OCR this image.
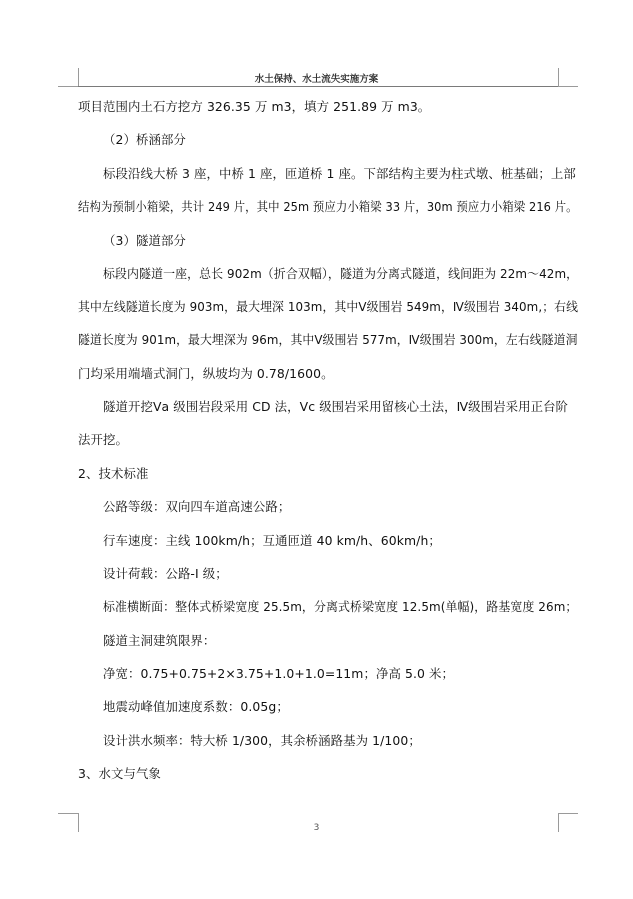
水土保持、水土流失实施方案
项目范围内土石方挖方 326.35 万 m3，填方 251.89 万 m3。
（2）桥涵部分
标段沿线大桥 3 座，中桥 1 座，匝道桥 1 座。下部结构主要为柱式墩、桩基础；上部
结构为预制小箱梁，共计 249 片，其中 25m 预应力小箱梁 33 片，30m 预应力小箱梁 216 片。
（3）隧道部分
标段内隧道一座，总长 902m（折合双幅），隧道为分离式隧道，线间距为 22m～42m，
其中左线隧道长度为 903m，最大埋深 103m，其中Ⅴ级围岩 549m，Ⅳ级围岩 340m,；右线
隧道长度为 901m，最大埋深为 96m，其中Ⅴ级围岩 577m，Ⅳ级围岩 300m，左右线隧道洞
门均采用端墙式洞门，纵坡均为 0.78/1600。
隧道开挖Ⅴa 级围岩段采用 CD 法，Ⅴc 级围岩采用留核心土法，Ⅳ级围岩采用正台阶
法开挖。
2、技术标准
公路等级：双向四车道高速公路；
行车速度：主线 100km/h；互通匝道 40 km/h、60km/h；
设计荷载：公路-I 级；
标准横断面：整体式桥梁宽度 25.5m，分离式桥梁宽度 12.5m(单幅)，路基宽度 26m；
隧道主洞建筑限界：
净宽：0.75+0.75+2×3.75+1.0+1.0=11m；净高 5.0 米；
地震动峰值加速度系数：0.05g；
设计洪水频率：特大桥 1/300，其余桥涵路基为 1/100；
3、水文与气象
3
